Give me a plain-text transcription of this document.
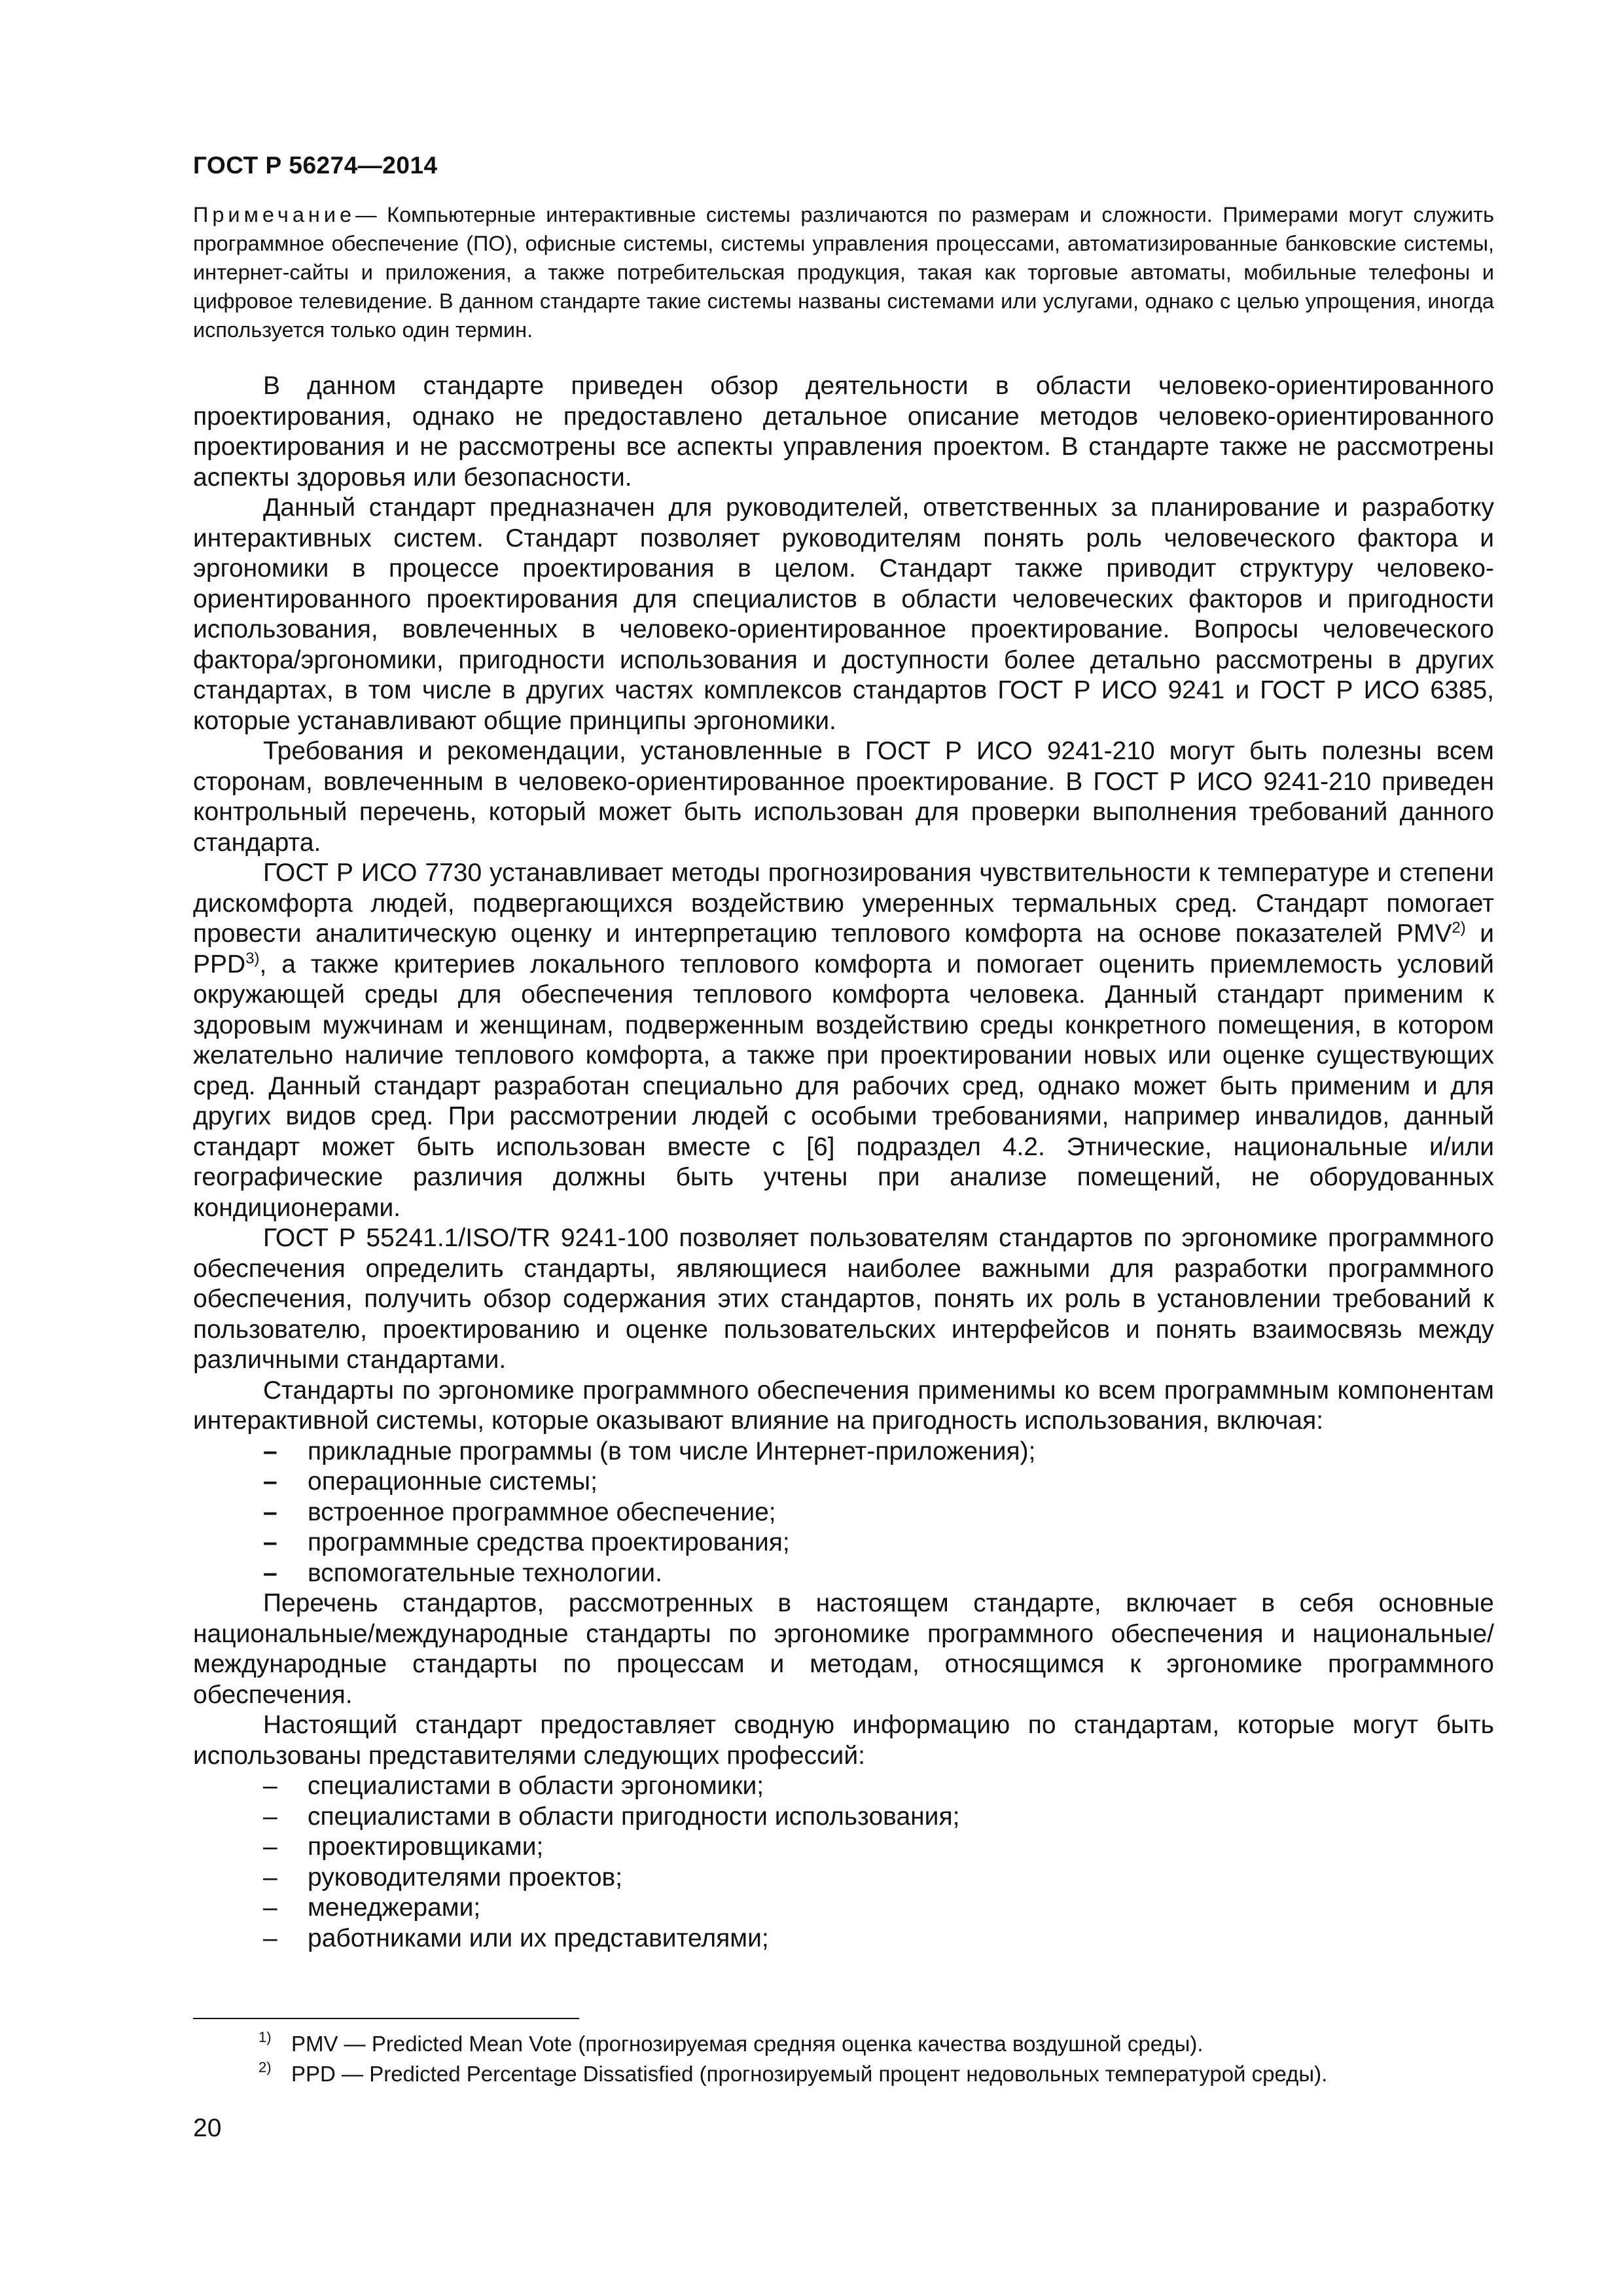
ГОСТ Р 56274—2014
Примечание— Компьютерные интерактивные системы различаются по размерам и сложности. Примерами могут служить программное обеспечение (ПО), офисные системы, системы управления процессами, автоматизированные банковские системы, интернет-сайты и приложения, а также потребительская продукция, такая как торговые автоматы, мобильные телефоны и цифровое телевидение. В данном стандарте такие системы названы системами или услугами, однако с целью упрощения, иногда используется только один термин.

В данном стандарте приведен обзор деятельности в области человеко-ориентированного проектирования, однако не предоставлено детальное описание методов человеко-ориентированного проектирования и не рассмотрены все аспекты управления проектом. В стандарте также не рассмотрены аспекты здоровья или безопасности.

Данный стандарт предназначен для руководителей, ответственных за планирование и разработку интерактивных систем. Стандарт позволяет руководителям понять роль человеческого фактора и эргономики в процессе проектирования в целом. Стандарт также приводит структуру человеко-ориентированного проектирования для специалистов в области человеческих факторов и пригодности использования, вовлеченных в человеко-ориентированное проектирование. Вопросы человеческого фактора/эргономики, пригодности использования и доступности более детально рассмотрены в других стандартах, в том числе в других частях комплексов стандартов ГОСТ Р ИСО 9241 и ГОСТ Р ИСО 6385, которые устанавливают общие принципы эргономики.

Требования и рекомендации, установленные в ГОСТ Р ИСО 9241-210 могут быть полезны всем сторонам, вовлеченным в человеко-ориентированное проектирование. В ГОСТ Р ИСО 9241-210 приведен контрольный перечень, который может быть использован для проверки выполнения требований данного стандарта.

ГОСТ Р ИСО 7730 устанавливает методы прогнозирования чувствительности к температуре и степени дискомфорта людей, подвергающихся воздействию умеренных термальных сред. Стандарт помогает провести аналитическую оценку и интерпретацию теплового комфорта на основе показателей PMV$^{2)}$ и PPD$^{3)}$, а также критериев локального теплового комфорта и помогает оценить приемлемость условий окружающей среды для обеспечения теплового комфорта человека. Данный стандарт применим к здоровым мужчинам и женщинам, подверженным воздействию среды конкретного помещения, в котором желательно наличие теплового комфорта, а также при проектировании новых или оценке существующих сред. Данный стандарт разработан специально для рабочих сред, однако может быть применим и для других видов сред. При рассмотрении людей с особыми требованиями, например инвалидов, данный стандарт может быть использован вместе с [6] подраздел 4.2. Этнические, национальные и/или географические различия должны быть учтены при анализе помещений, не оборудованных кондиционерами.

ГОСТ Р 55241.1/ISO/TR 9241-100 позволяет пользователям стандартов по эргономике программного обеспечения определить стандарты, являющиеся наиболее важными для разработки программного обеспечения, получить обзор содержания этих стандартов, понять их роль в установлении требований к пользователю, проектированию и оценке пользовательских интерфейсов и понять взаимосвязь между различными стандартами.

Стандарты по эргономике программного обеспечения применимы ко всем программным компонентам интерактивной системы, которые оказывают влияние на пригодность использования, включая:

– прикладные программы (в том числе Интернет-приложения);
– операционные системы;
– встроенное программное обеспечение;
– программные средства проектирования;
– вспомогательные технологии.

Перечень стандартов, рассмотренных в настоящем стандарте, включает в себя основные национальные/международные стандарты по эргономике программного обеспечения и национальные/международные стандарты по процессам и методам, относящимся к эргономике программного обеспечения.

Настоящий стандарт предоставляет сводную информацию по стандартам, которые могут быть использованы представителями следующих профессий:

– специалистами в области эргономики;
– специалистами в области пригодности использования;
– проектировщиками;
– руководителями проектов;
– менеджерами;
– работниками или их представителями;
1) PMV — Predicted Mean Vote (прогнозируемая средняя оценка качества воздушной среды).
2) PPD — Predicted Percentage Dissatisfied (прогнозируемый процент недовольных температурой среды).
20
